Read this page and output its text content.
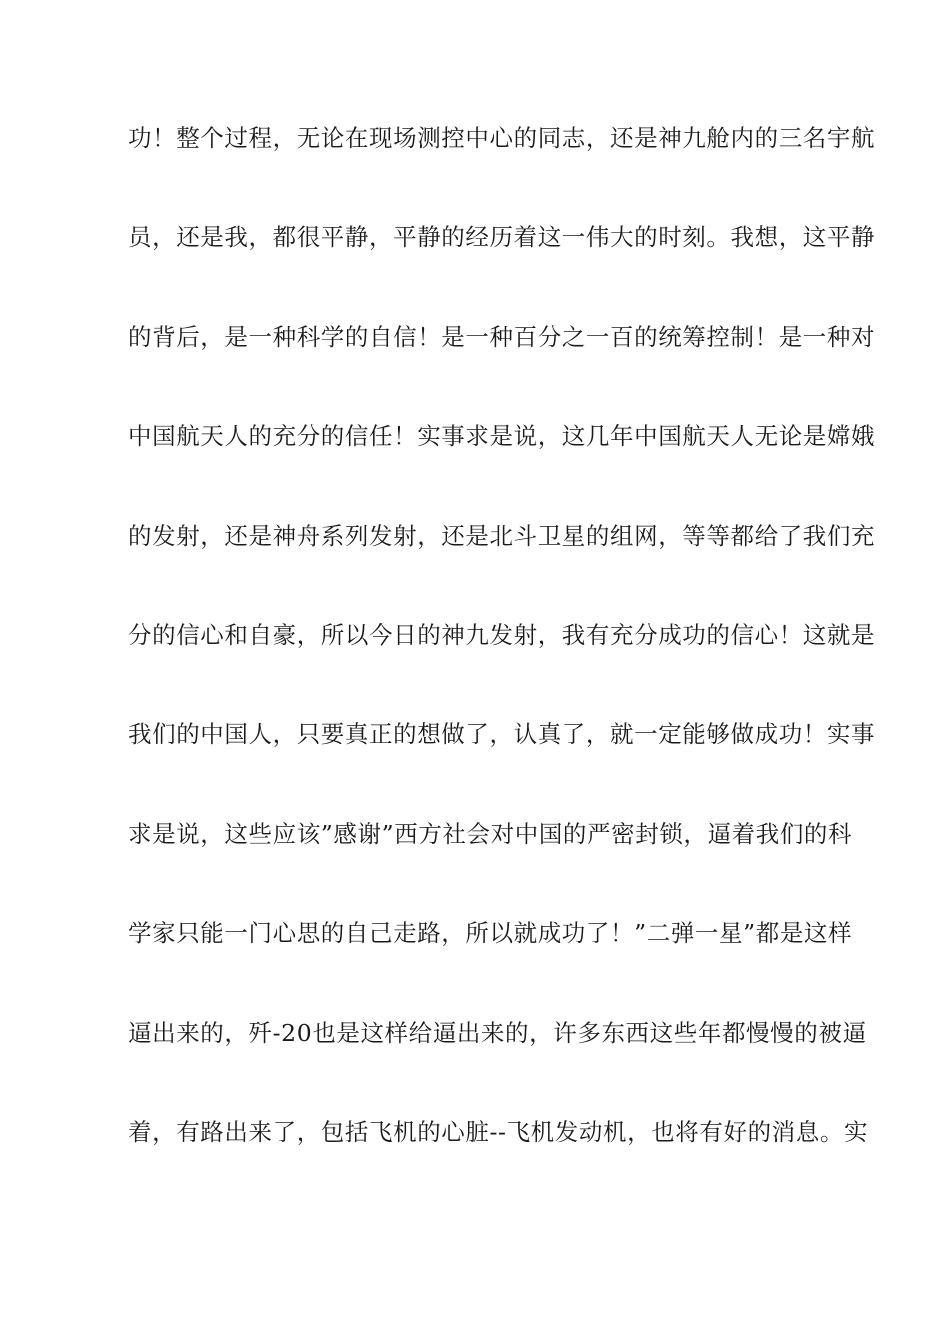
功！整个过程，无论在现场测控中心的同志，还是神九舱内的三名宇航

员，还是我，都很平静，平静的经历着这一伟大的时刻。我想，这平静

的背后，是一种科学的自信！是一种百分之一百的统筹控制！是一种对

中国航天人的充分的信任！实事求是说，这几年中国航天人无论是嫦娥

的发射，还是神舟系列发射，还是北斗卫星的组网，等等都给了我们充

分的信心和自豪，所以今日的神九发射，我有充分成功的信心！这就是

我们的中国人，只要真正的想做了，认真了，就一定能够做成功！实事

求是说，这些应该”感谢”西方社会对中国的严密封锁，逼着我们的科

学家只能一门心思的自己走路，所以就成功了！”二弹一星”都是这样

逼出来的，歼-20也是这样给逼出来的，许多东西这些年都慢慢的被逼

着，有路出来了，包括飞机的心脏--飞机发动机，也将有好的消息。实
